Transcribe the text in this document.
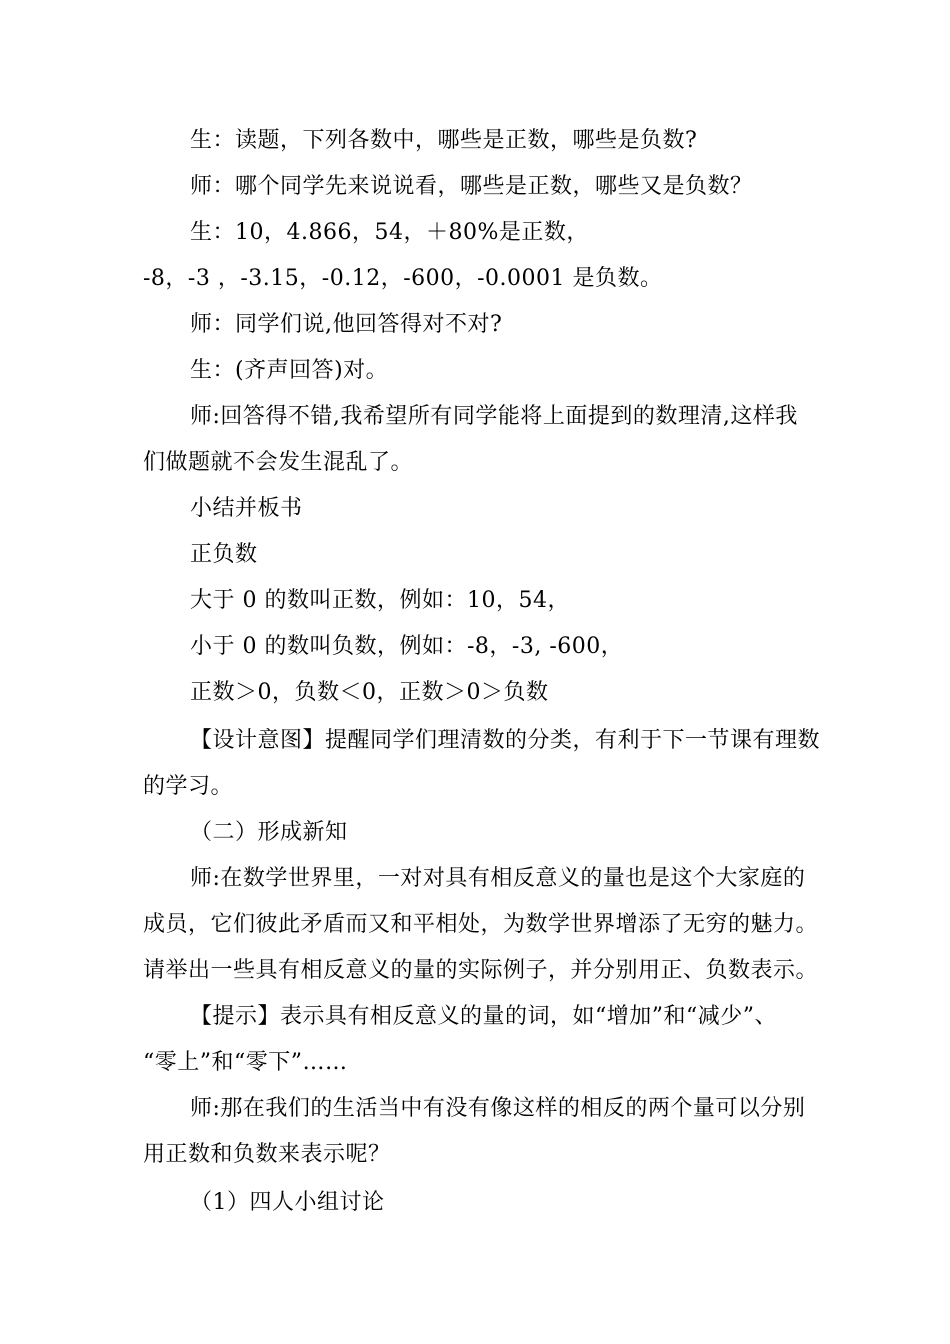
生：读题，下列各数中，哪些是正数，哪些是负数?
师：哪个同学先来说说看，哪些是正数，哪些又是负数？
生：10，4.866，54，＋80%是正数，
-8，-3 ，-3.15，-0.12，-600，-0.0001 是负数。
师：同学们说,他回答得对不对?
生：(齐声回答)对。
师:回答得不错,我希望所有同学能将上面提到的数理清,这样我
们做题就不会发生混乱了。
小结并板书
正负数
大于 0 的数叫正数，例如：10，54，
小于 0 的数叫负数，例如：-8，-3, -600，
正数＞0，负数＜0，正数＞0＞负数
【设计意图】提醒同学们理清数的分类，有利于下一节课有理数
的学习。
（二）形成新知
师:在数学世界里，一对对具有相反意义的量也是这个大家庭的
成员，它们彼此矛盾而又和平相处，为数学世界增添了无穷的魅力。
请举出一些具有相反意义的量的实际例子，并分别用正、负数表示。
【提示】表示具有相反意义的量的词，如“增加”和“减少”、
“零上”和“零下”……
师:那在我们的生活当中有没有像这样的相反的两个量可以分别
用正数和负数来表示呢？
（1）四人小组讨论
